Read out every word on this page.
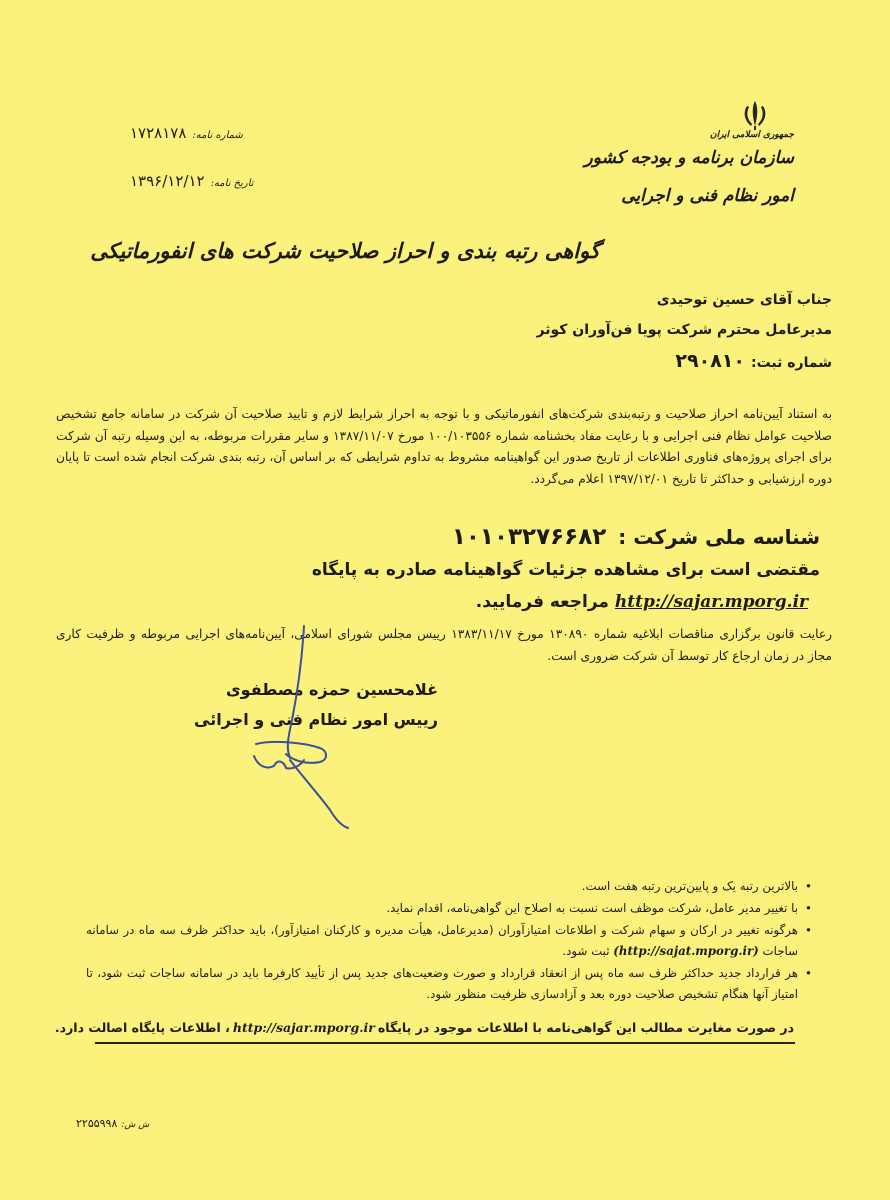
جمهوری اسلامی ایران
سازمان برنامه و بودجه کشور
امور نظام فنی و اجرایی
شماره نامه:۱۷۲۸۱۷۸
تاریخ نامه:۱۳۹۶/۱۲/۱۲
گواهی رتبه بندی و احراز صلاحیت شرکت های انفورماتیکی
جناب آقای حسین توحیدی
مدیرعامل محترم شرکت پویا فن‌آوران کوثر
شماره ثبت:۲۹۰۸۱۰
به استناد آیین‌نامه احراز صلاحیت و رتبه‌بندی شرکت‌های انفورماتیکی و با توجه به احراز شرایط لازم و تایید صلاحیت آن شرکت در سامانه جامع تشخیص صلاحیت عوامل نظام فنی اجرایی و با رعایت مفاد بخشنامه شماره ۱۰۰/۱۰۳۵۵۶ مورخ ۱۳۸۷/۱۱/۰۷ و سایر مقررات مربوطه، به این وسیله رتبه آن شرکت برای اجرای پروژه‌های فناوری اطلاعات از تاریخ صدور این گواهینامه مشروط به تداوم شرایطی که بر اساس آن، رتبه بندی شرکت انجام شده است تا پایان دوره ارزشیابی و حداکثر تا تاریخ ۱۳۹۷/۱۲/۰۱ اعلام می‌گردد.
شناسه ملی شرکت :۱۰۱۰۳۲۷۶۶۸۲
مقتضی است برای مشاهده جزئیات گواهینامه صادره به پایگاه
http://sajar.mporg.ir مراجعه فرمایید.
رعایت قانون برگزاری مناقصات ابلاغیه شماره ۱۳۰۸۹۰ مورخ ۱۳۸۳/۱۱/۱۷ رییس مجلس شورای اسلامی، آیین‌نامه‌های اجرایی مربوطه و ظرفیت کاری مجاز در زمان ارجاع کار توسط آن شرکت ضروری است.
غلامحسین حمزه مصطفوی
رییس امور نظام فنی و اجرائی
• بالاترین رتبه یک و پایین‌ترین رتبه هفت است.
• با تغییر مدیر عامل، شرکت موظف است نسبت به اصلاح این گواهی‌نامه، اقدام نماید.
• هرگونه تغییر در ارکان و سهام شرکت و اطلاعات امتیازآوران (مدیرعامل، هیأت مدیره و کارکنان امتیازآور)، باید حداکثر ظرف سه ماه در سامانه ساجات (http://sajat.mporg.ir) ثبت شود.
• هر قرارداد جدید حداکثر ظرف سه ماه پس از انعقاد قرارداد و صورت وضعیت‌های جدید پس از تأیید کارفرما باید در سامانه ساجات ثبت شود، تا امتیاز آنها هنگام تشخیص صلاحیت دوره بعد و آزادسازی ظرفیت منظور شود.
در صورت مغایرت مطالب این گواهی‌نامه با اطلاعات موجود در پایگاهhttp://sajar.mporg.ir، اطلاعات پایگاه اصالت دارد.
ش ش:۲۲۵۵۹۹۸
